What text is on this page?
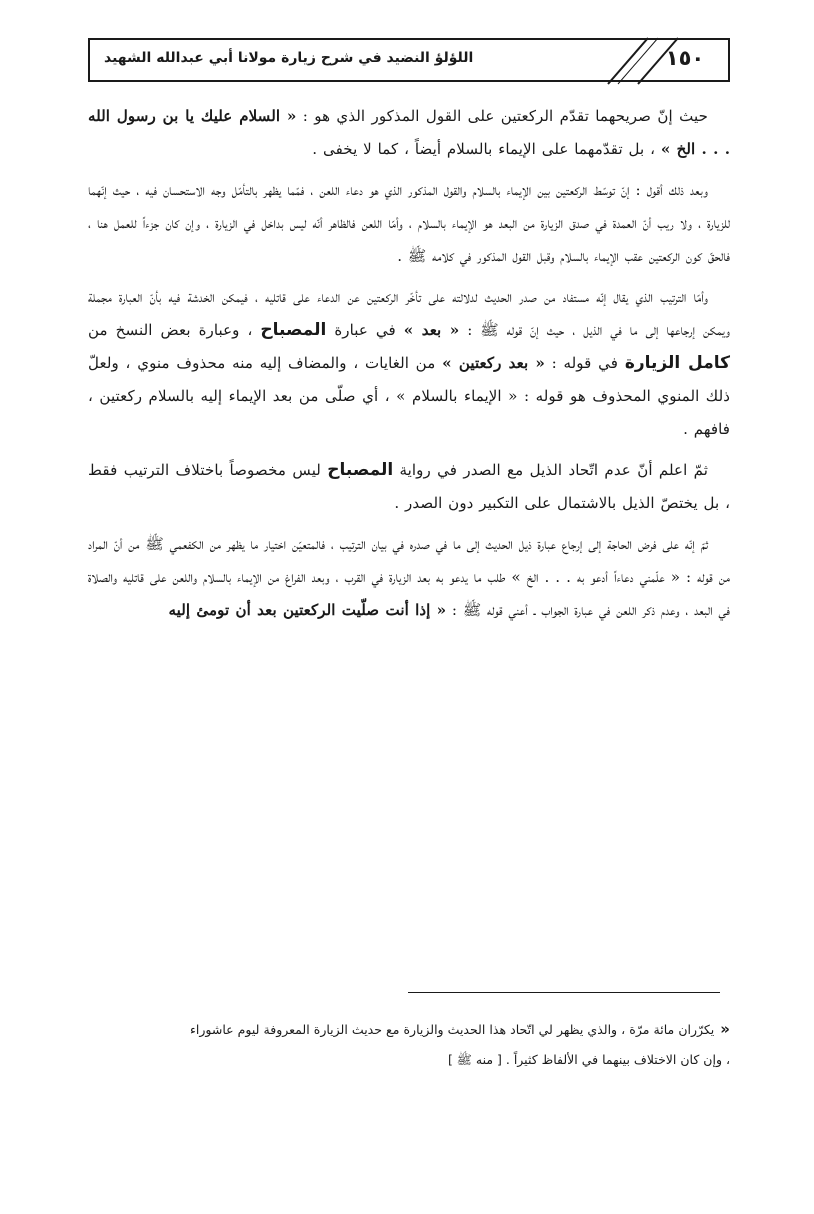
١٥٠
اللؤلؤ النضيد في شرح زيارة مولانا أبي عبدالله الشهيد

حيث إنّ صريحهما تقدّم الركعتين على القول المذكور الذي هو : « السلام عليك يا بن رسول الله . . . الخ » ، بل تقدّمهما على الإيماء بالسلام أيضاً ، كما لا يخفى .

وبعد ذلك أقول : إنّ توسّط الركعتين بين الإيماء بالسلام والقول المذكور الذي هو دعاء اللعن ، فمّما يظهر بالتأمّل وجه الاستحسان فيه ، حيث إنّهما للزيارة ، ولا ريب أنّ العمدة في صدق الزيارة من البعد هو الإيماء بالسلام ، وأمّا اللعن فالظاهر أنّه ليس بداخل في الزيارة ، وإن كان جزءاً للعمل هنا ، فالحقّ كون الركعتين عقب الإيماء بالسلام وقبل القول المذكور في كلامه ﷺ .

وأمّا الترتيب الذي يقال إنّه مستفاد من صدر الحديث لدلالته على تأخّر الركعتين عن الدعاء على قاتليه ، فيمكن الخدشة فيه بأنّ العبارة مجملة ويمكن إرجاعها إلى ما في الذيل ، حيث إنّ قوله ﷺ : « بعد » في عبارة المصباح ، وعبارة بعض النسخ من كامل الزيارة في قوله : « بعد ركعتين » من الغايات ، والمضاف إليه منه محذوف منوي ، ولعلّ ذلك المنوي المحذوف هو قوله : « الإيماء بالسلام » ، أي صلّى من بعد الإيماء إليه بالسلام ركعتين ، فافهم .

ثمّ اعلم أنّ عدم اتّحاد الذيل مع الصدر في رواية المصباح ليس مخصوصاً باختلاف الترتيب فقط ، بل يختصّ الذيل بالاشتمال على التكبير دون الصدر .

ثمّ إنّه على فرض الحاجة إلى إرجاع عبارة ذيل الحديث إلى ما في صدره في بيان الترتيب ، فالمتعيّن اختيار ما يظهر من الكفعمي ﷺ من أنّ المراد من قوله : « علّمني دعاءاً أدعو به . . . الخ » طلب ما يدعو به بعد الزيارة في القرب ، وبعد الفراغ من الإيماء بالسلام واللعن على قاتليه والصلاة في البعد ، وعدم ذكر اللعن في عبارة الجواب ـ أعني قوله ﷺ : « إذا أنت صلّيت الركعتين بعد أن تومئ إليه

«يكرّران مائة مرّة ، والذي يظهر لي اتّحاد هذا الحديث والزيارة مع حديث الزيارة المعروفة ليوم عاشوراء ، وإن كان الاختلاف بينهما في الألفاظ كثيراً . [ منه ﷺ ]
